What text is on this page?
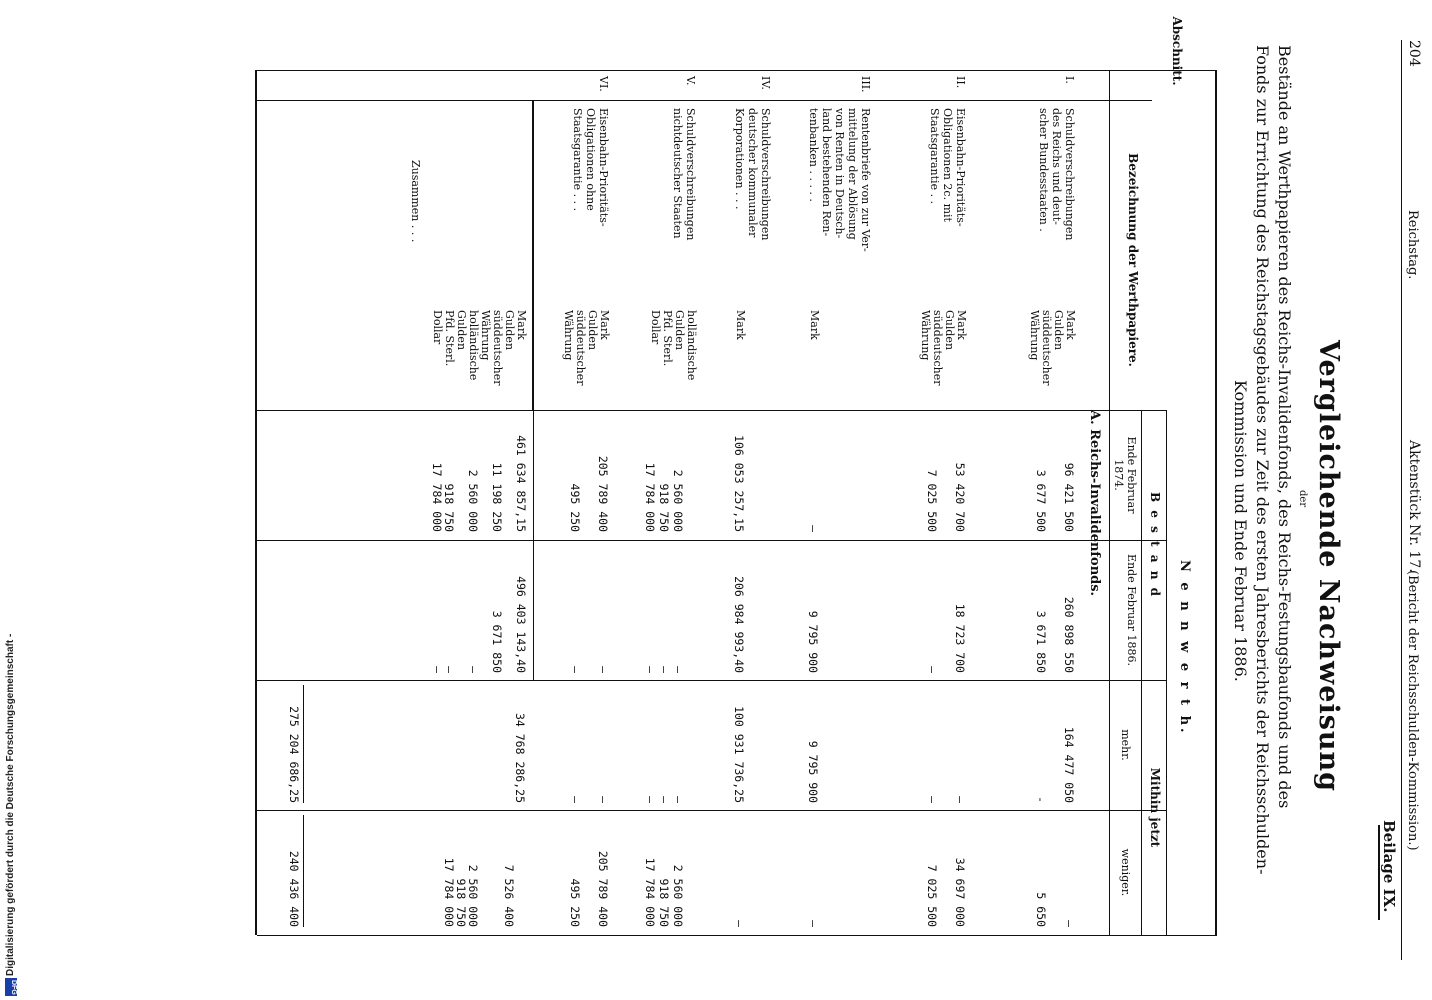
Digitalisierung gefördert durch die Deutsche Forschungsgemeinschaft -
DFG
204
Reichstag.
Aktenstück Nr. 17.
(Bericht der Reichsschulden-Kommission.)
Beilage IX.
Vergleichende Nachweisung
der
Bestände an Werthpapieren des Reichs-Invalidenfonds, des Reichs-Festungsbaufonds und des
Fonds zur Errichtung des Reichstagsgebäudes zur Zeit des ersten Jahresberichts der Reichsschulden-
Kommission und Ende Februar 1886.
Abschnitt.
Bezeichnung der Werthpapiere.
N e n n w e r t h.
B e s t a n d
Ende Februar 1874.
Ende Februar 1886.
Mithin jetzt
mehr.
weniger.
A. Reichs-Invalidenfonds.
I.
Schuldverschreibungen
des Reichs und deut-
scher Bundesstaaten .
Mark
Gulden
süddeutscher
Währung
96 421 500

3 677 500
260 898 550

3 671 850
164 477 050

-
—

5 650
II.
Eisenbahn-Prioritäts-
Obligationen 2c. mit
Staatsgarantie . .
Mark
Gulden
süddeutscher
Währung
53 420 700

7 025 500
18 723 700

—
—

—
34 697 000

7 025 500
III.
Rentenbriefe von zur Ver-
mittelung der Ablösung
von Renten in Deutsch-
land bestehenden Ren-
tenbanken . . . . .
Mark
—
9 795 900
9 795 900
—
IV.
Schuldverschreibungen
deutscher kommunaler
Korporationen . . .
Mark
106 053 257,15
206 984 993,40
100 931 736,25
—
V.
Schuldverschreibungen
nichtdeutscher Staaten
holländische
Gulden
Pfd. Sterl.
Dollar
2 560 000
918 750
17 784 000
—
—
—
—
—
—
2 560 000
918 750
17 784 000
VI.
Eisenbahn-Prioritäts-
Obligationen ohne
Staatsgarantie . . .
Mark
Gulden
süddeutscher
Währung
205 789 400

495 250
—

—
—

—
205 789 400

495 250
Zusammen . . .
Mark
Gulden
süddeutscher
Währung
holländische
Gulden
Pfd. Sterl.
Dollar
461 634 857,15

11 198 250

2 560 000

918 750
17 784 000
496 403 143,40

3 671 850

—

—
—
275 204 686,25	34 768 286,25
240 436 400	7 526 400

2 560 000
918 750
17 784 000
